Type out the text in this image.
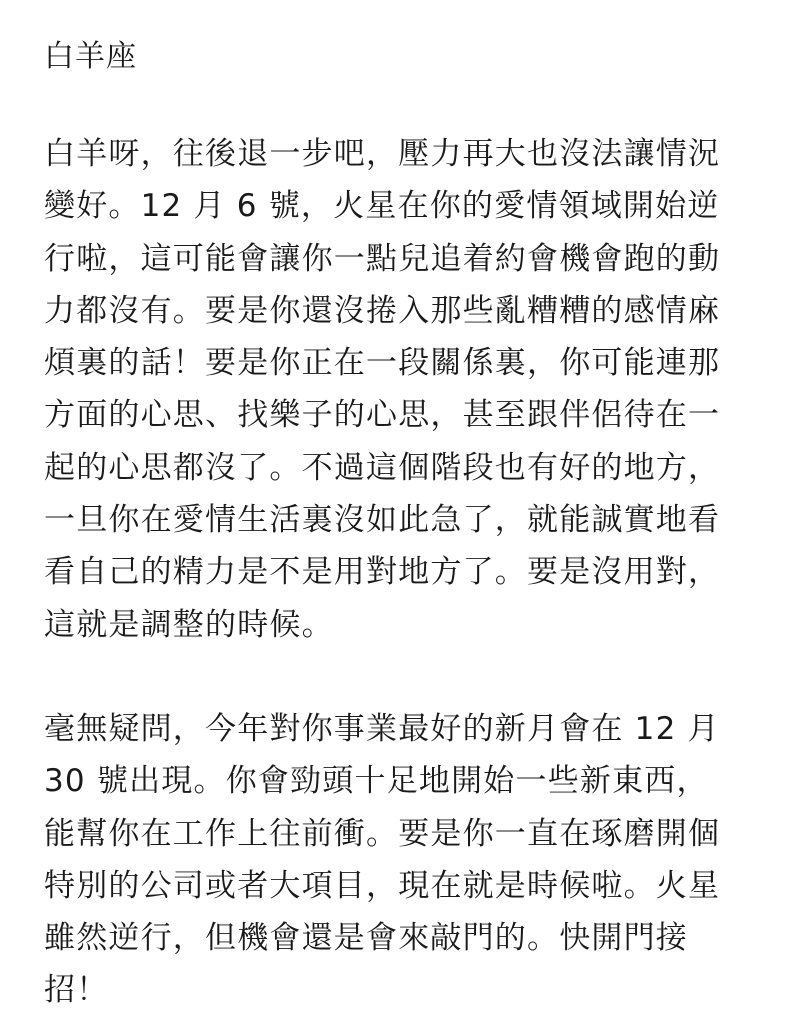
白羊座
白羊呀，往後退一步吧，壓力再大也沒法讓情況
變好。12 月 6 號，火星在你的愛情領域開始逆
行啦，這可能會讓你一點兒追着約會機會跑的動
力都沒有。要是你還沒捲入那些亂糟糟的感情麻
煩裏的話！要是你正在一段關係裏，你可能連那
方面的心思、找樂子的心思，甚至跟伴侶待在一
起的心思都沒了。不過這個階段也有好的地方，
一旦你在愛情生活裏沒如此急了，就能誠實地看
看自己的精力是不是用對地方了。要是沒用對，
這就是調整的時候。
毫無疑問，今年對你事業最好的新月會在 12 月
30 號出現。你會勁頭十足地開始一些新東西，
能幫你在工作上往前衝。要是你一直在琢磨開個
特別的公司或者大項目，現在就是時候啦。火星
雖然逆行，但機會還是會來敲門的。快開門接
招！
